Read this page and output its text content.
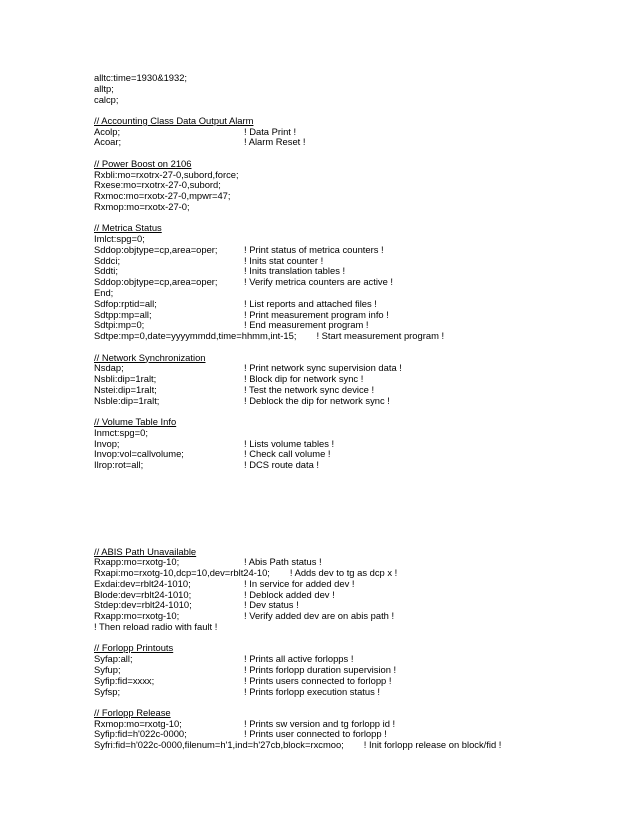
alltc:time=1930&1932;
alltp;
calcp;
// Accounting Class Data Output Alarm
Acolp;	! Data Print !
Acoar;	! Alarm Reset !
// Power Boost on 2106
Rxbli:mo=rxotrx-27-0,subord,force;
Rxese:mo=rxotrx-27-0,subord;
Rxmoc:mo=rxotx-27-0,mpwr=47;
Rxmop:mo=rxotx-27-0;
// Metrica Status
Imlct:spg=0;
Sddop:objtype=cp,area=oper;	! Print status of metrica counters !
Sddci;	! Inits stat counter !
Sddti;	! Inits translation tables !
Sddop:objtype=cp,area=oper;	! Verify metrica counters are active !
End;
Sdfop:rptid=all;	! List reports and attached files !
Sdtpp:mp=all;	! Print measurement program info !
Sdtpi:mp=0;	! End measurement program !
Sdtpe:mp=0,date=yyyymmdd,time=hhmm,int-15; ! Start measurement program !
// Network Synchronization
Nsdap;	! Print network sync supervision data !
Nsbli:dip=1ralt;	! Block dip for network sync !
Nstei:dip=1ralt;	! Test the network sync device !
Nsble:dip=1ralt;	! Deblock the dip for network sync !
// Volume Table Info
Inmct:spg=0;
Invop;	! Lists volume tables !
Invop:vol=callvolume;	! Check call volume !
Ilrop:rot=all;	! DCS route data !
// ABIS Path Unavailable
Rxapp:mo=rxotg-10;	! Abis Path status !
Rxapi:mo=rxotg-10,dcp=10,dev=rblt24-10; ! Adds dev to tg as dcp x !
Exdai:dev=rblt24-1010;	! In service for added dev !
Blode:dev=rblt24-1010;	! Deblock added dev !
Stdep:dev=rblt24-1010;	! Dev status !
Rxapp:mo=rxotg-10;	! Verify added dev are on abis path !
! Then reload radio with fault !
// Forlopp Printouts
Syfap:all;	! Prints all active forlopps !
Syfup;	! Prints forlopp duration supervision !
Syfip:fid=xxxx;	! Prints users connected to forlopp !
Syfsp;	! Prints forlopp execution status !
// Forlopp Release
Rxmop:mo=rxotg-10;	! Prints sw version and tg forlopp id !
Syfip:fid=h'022c-0000;	! Prints user connected to forlopp !
Syfri:fid=h'022c-0000,filenum=h'1,ind=h'27cb,block=rxcmoo; ! Init forlopp release on block/fid !
